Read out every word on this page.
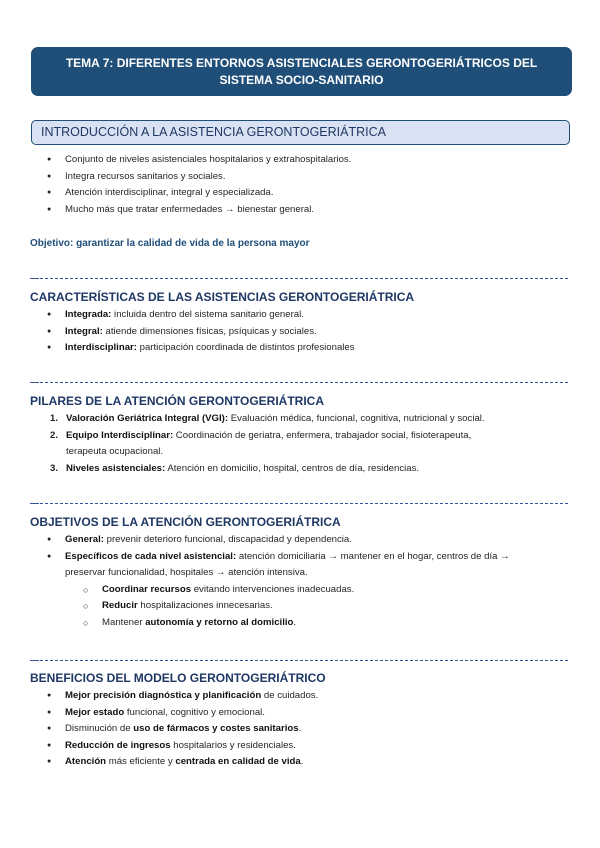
TEMA 7: DIFERENTES ENTORNOS ASISTENCIALES GERONTOGERIÁTRICOS DEL
SISTEMA SOCIO-SANITARIO
INTRODUCCIÓN A LA ASISTENCIA GERONTOGERIÁTRICA
● Conjunto de niveles asistenciales hospitalarios y extrahospitalarios.
● Integra recursos sanitarios y sociales.
● Atención interdisciplinar, integral y especializada.
● Mucho más que tratar enfermedades → bienestar general.
Objetivo: garantizar la calidad de vida de la persona mayor
CARACTERÍSTICAS DE LAS ASISTENCIAS GERONTOGERIÁTRICA
● Integrada: incluida dentro del sistema sanitario general.
● Integral: atiende dimensiones físicas, psíquicas y sociales.
● Interdisciplinar: participación coordinada de distintos profesionales
PILARES DE LA ATENCIÓN GERONTOGERIÁTRICA
1. Valoración Geriátrica Integral (VGI): Evaluación médica, funcional, cognitiva, nutricional y social.
2. Equipo Interdisciplinar: Coordinación de geriatra, enfermera, trabajador social, fisioterapeuta,
terapeuta ocupacional.
3. Niveles asistenciales: Atención en domicilio, hospital, centros de día, residencias.
OBJETIVOS DE LA ATENCIÓN GERONTOGERIÁTRICA
● General: prevenir deterioro funcional, discapacidad y dependencia.
● Específicos de cada nivel asistencial: atención domiciliaria → mantener en el hogar, centros de día →
preservar funcionalidad, hospitales → atención intensiva.
○ Coordinar recursos evitando intervenciones inadecuadas.
○ Reducir hospitalizaciones innecesarias.
○ Mantener autonomía y retorno al domicilio.
BENEFICIOS DEL MODELO GERONTOGERIÁTRICO
● Mejor precisión diagnóstica y planificación de cuidados.
● Mejor estado funcional, cognitivo y emocional.
● Disminución de uso de fármacos y costes sanitarios.
● Reducción de ingresos hospitalarios y residenciales.
● Atención más eficiente y centrada en calidad de vida.
